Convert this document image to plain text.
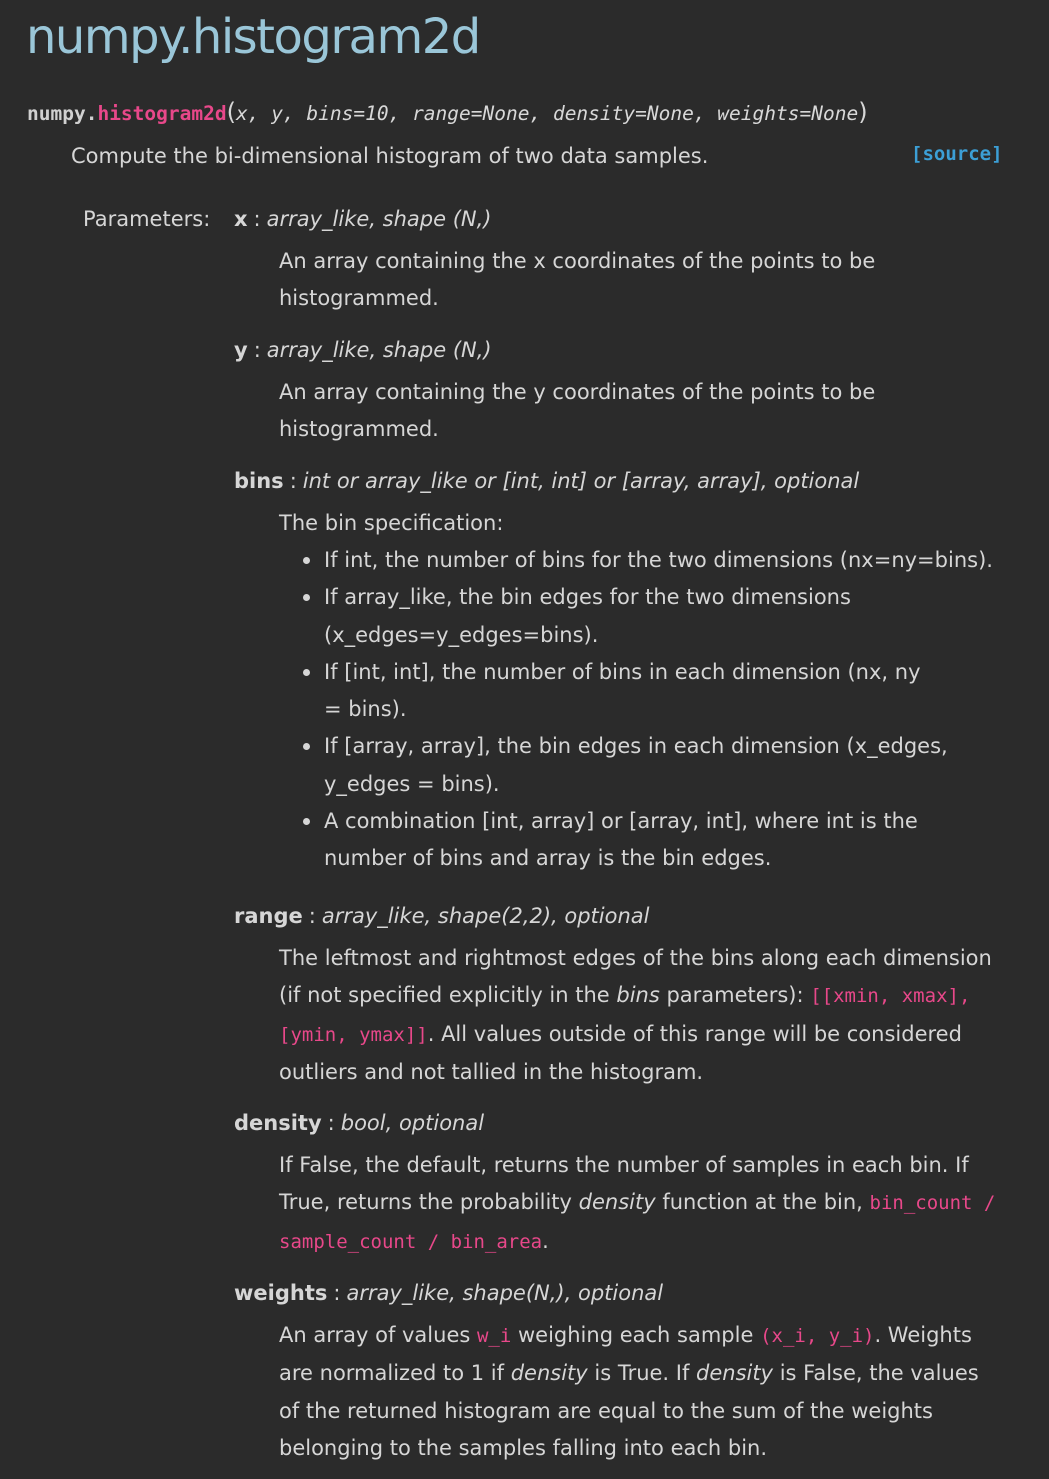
numpy.histogram2d
numpy.histogram2d(x, y, bins=10, range=None, density=None, weights=None)
[source]
Compute the bi-dimensional histogram of two data samples.
Parameters: x : array_like, shape (N,)
An array containing the x coordinates of the points to be histogrammed.
y : array_like, shape (N,)
An array containing the y coordinates of the points to be histogrammed.
bins : int or array_like or [int, int] or [array, array], optional
The bin specification:
If int, the number of bins for the two dimensions (nx=ny=bins).
If array_like, the bin edges for the two dimensions (x_edges=y_edges=bins).
If [int, int], the number of bins in each dimension (nx, ny = bins).
If [array, array], the bin edges in each dimension (x_edges, y_edges = bins).
A combination [int, array] or [array, int], where int is the number of bins and array is the bin edges.
range : array_like, shape(2,2), optional
The leftmost and rightmost edges of the bins along each dimension (if not specified explicitly in the bins parameters): [[xmin, xmax], [ymin, ymax]]. All values outside of this range will be considered outliers and not tallied in the histogram.
density : bool, optional
If False, the default, returns the number of samples in each bin. If True, returns the probability density function at the bin, bin_count / sample_count / bin_area.
weights : array_like, shape(N,), optional
An array of values w_i weighing each sample (x_i, y_i). Weights are normalized to 1 if density is True. If density is False, the values of the returned histogram are equal to the sum of the weights belonging to the samples falling into each bin.
